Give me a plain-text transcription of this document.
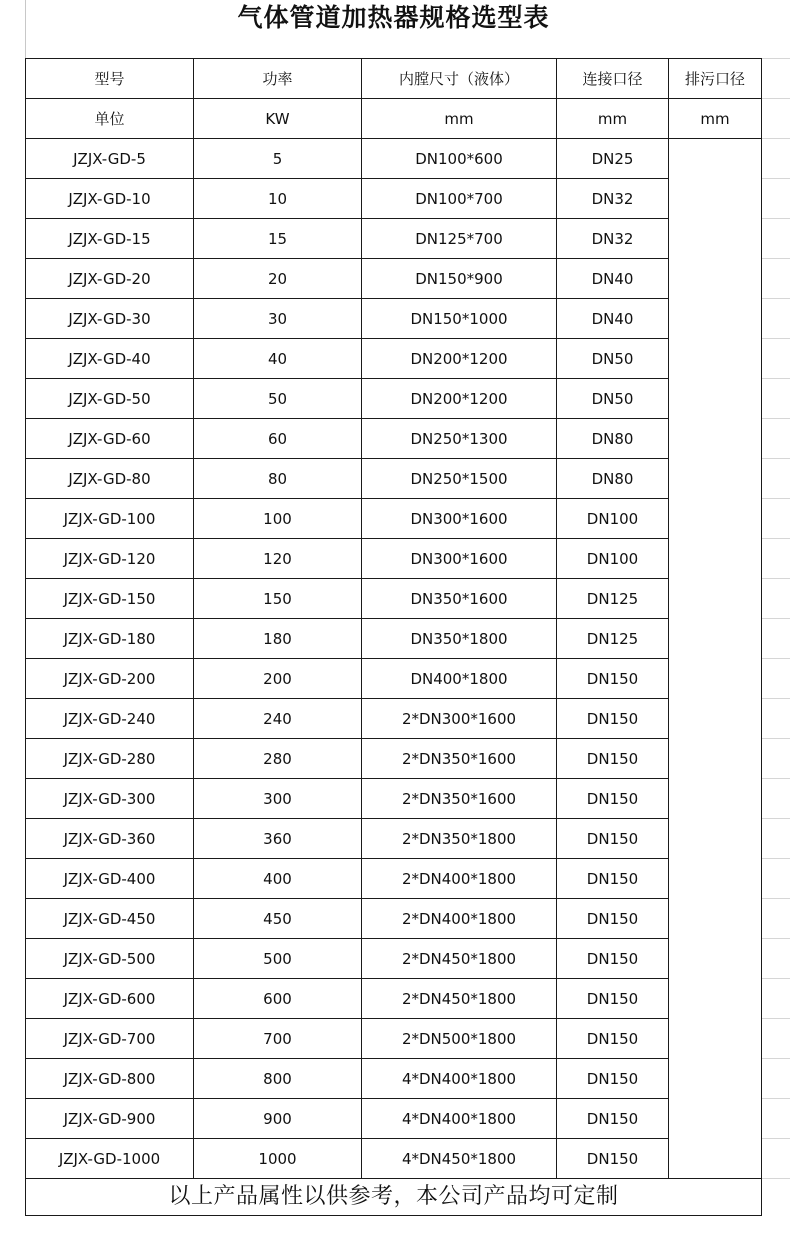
气体管道加热器规格选型表
型号	功率	内膛尺寸（液体）	连接口径	排污口径
单位	KW	mm	mm	mm
JZJX-GD-5	5	DN100*600	DN25	
JZJX-GD-10	10	DN100*700	DN32	
JZJX-GD-15	15	DN125*700	DN32	
JZJX-GD-20	20	DN150*900	DN40	
JZJX-GD-30	30	DN150*1000	DN40	
JZJX-GD-40	40	DN200*1200	DN50	
JZJX-GD-50	50	DN200*1200	DN50	
JZJX-GD-60	60	DN250*1300	DN80	
JZJX-GD-80	80	DN250*1500	DN80	
JZJX-GD-100	100	DN300*1600	DN100	
JZJX-GD-120	120	DN300*1600	DN100	
JZJX-GD-150	150	DN350*1600	DN125	
JZJX-GD-180	180	DN350*1800	DN125	
JZJX-GD-200	200	DN400*1800	DN150	
JZJX-GD-240	240	2*DN300*1600	DN150	
JZJX-GD-280	280	2*DN350*1600	DN150	
JZJX-GD-300	300	2*DN350*1600	DN150	
JZJX-GD-360	360	2*DN350*1800	DN150	
JZJX-GD-400	400	2*DN400*1800	DN150	
JZJX-GD-450	450	2*DN400*1800	DN150	
JZJX-GD-500	500	2*DN450*1800	DN150	
JZJX-GD-600	600	2*DN450*1800	DN150	
JZJX-GD-700	700	2*DN500*1800	DN150	
JZJX-GD-800	800	4*DN400*1800	DN150	
JZJX-GD-900	900	4*DN400*1800	DN150	
JZJX-GD-1000	1000	4*DN450*1800	DN150	
以上产品属性以供参考，本公司产品均可定制				
